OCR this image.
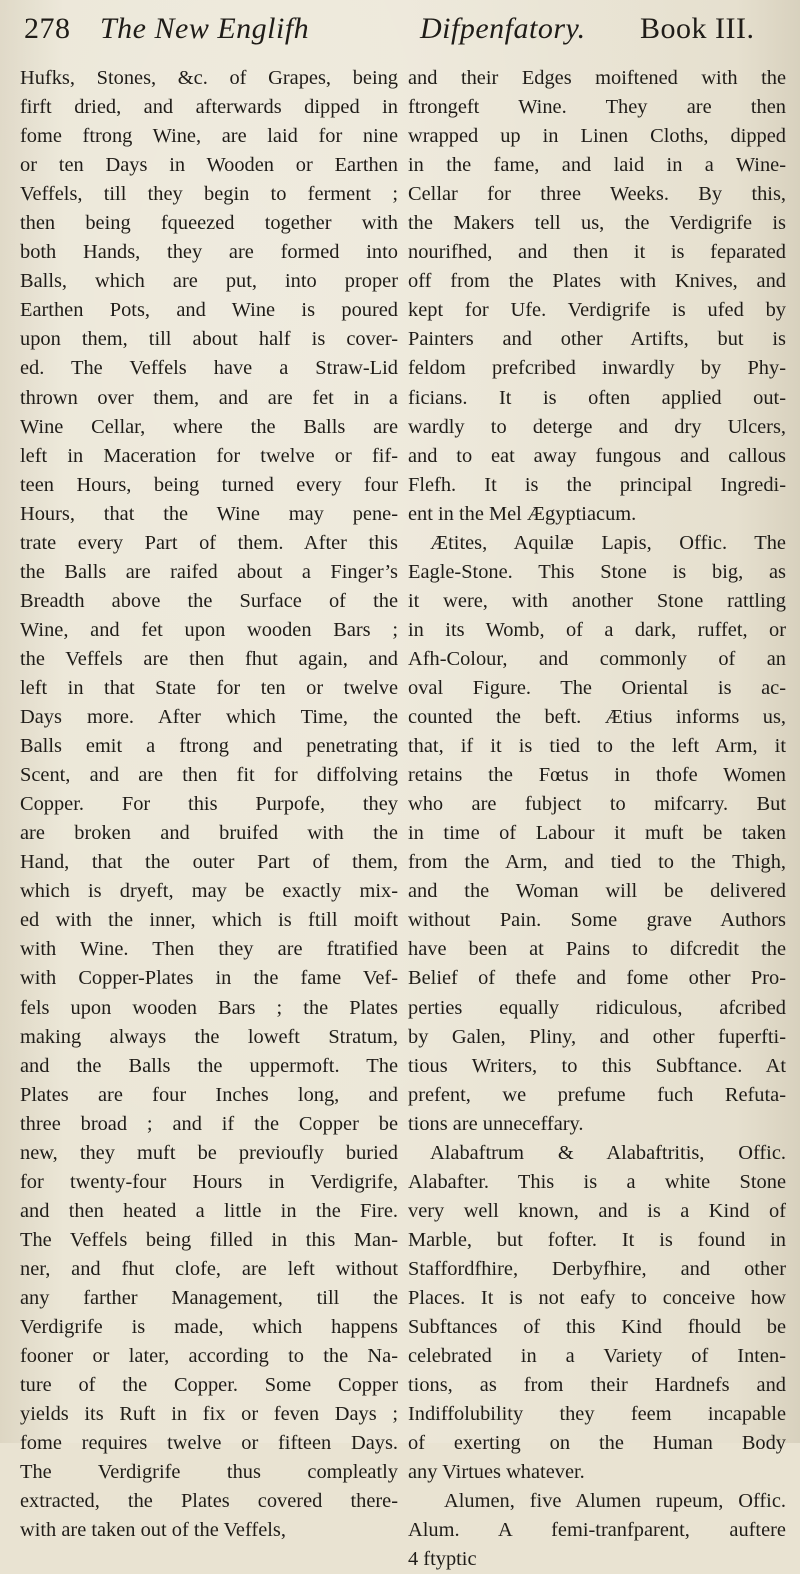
278 The New Englifh	Difpenfatory. Book III.
Hufks, Stones, &c. of Grapes, being
firft dried, and afterwards dipped in
fome ftrong Wine, are laid for nine
or ten Days in Wooden or Earthen
Veffels, till they begin to ferment ;
then being fqueezed together with
both Hands, they are formed into
Balls, which are put, into proper
Earthen Pots, and Wine is poured
upon them, till about half is cover-
ed. The Veffels have a Straw-Lid
thrown over them, and are fet in a
Wine Cellar, where the Balls are
left in Maceration for twelve or fif-
teen Hours, being turned every four
Hours, that the Wine may pene-
trate every Part of them. After this
the Balls are raifed about a Finger’s
Breadth above the Surface of the
Wine, and fet upon wooden Bars ;
the Veffels are then fhut again, and
left in that State for ten or twelve
Days more. After which Time, the
Balls emit a ftrong and penetrating
Scent, and are then fit for diffolving
Copper. For this Purpofe, they
are broken and bruifed with the
Hand, that the outer Part of them,
which is dryeft, may be exactly mix-
ed with the inner, which is ftill moift
with Wine. Then they are ftratified
with Copper-Plates in the fame Vef-
fels upon wooden Bars ; the Plates
making always the loweft Stratum,
and the Balls the uppermoft. The
Plates are four Inches long, and
three broad ; and if the Copper be
new, they muft be previoufly buried
for twenty-four Hours in Verdigrife,
and then heated a little in the Fire.
The Veffels being filled in this Man-
ner, and fhut clofe, are left without
any farther Management, till the
Verdigrife is made, which happens
fooner or later, according to the Na-
ture of the Copper. Some Copper
yields its Ruft in fix or feven Days ;
fome requires twelve or fifteen Days.
The Verdigrife thus compleatly
extracted, the Plates covered there-
with are taken out of the Veffels,
and their Edges moiftened with the
ftrongeft Wine. They are then
wrapped up in Linen Cloths, dipped
in the fame, and laid in a Wine-
Cellar for three Weeks. By this,
the Makers tell us, the Verdigrife is
nourifhed, and then it is feparated
off from the Plates with Knives, and
kept for Ufe. Verdigrife is ufed by
Painters and other Artifts, but is
feldom prefcribed inwardly by Phy-
ficians. It is often applied out-
wardly to deterge and dry Ulcers,
and to eat away fungous and callous
Flefh. It is the principal Ingredi-
ent in the Mel Ægyptiacum.
Ætites, Aquilæ Lapis, Offic. The
Eagle-Stone. This Stone is big, as
it were, with another Stone rattling
in its Womb, of a dark, ruffet, or
Afh-Colour, and commonly of an
oval Figure. The Oriental is ac-
counted the beft. Ætius informs us,
that, if it is tied to the left Arm, it
retains the Fœtus in thofe Women
who are fubject to mifcarry. But
in time of Labour it muft be taken
from the Arm, and tied to the Thigh,
and the Woman will be delivered
without Pain. Some grave Authors
have been at Pains to difcredit the
Belief of thefe and fome other Pro-
perties equally ridiculous, afcribed
by Galen, Pliny, and other fuperfti-
tious Writers, to this Subftance. At
prefent, we prefume fuch Refuta-
tions are unneceffary.
Alabaftrum & Alabaftritis, Offic.
Alabafter. This is a white Stone
very well known, and is a Kind of
Marble, but fofter. It is found in
Staffordfhire, Derbyfhire, and other
Places. It is not eafy to conceive how
Subftances of this Kind fhould be
celebrated in a Variety of Inten-
tions, as from their Hardnefs and
Indiffolubility they feem incapable
of exerting on the Human Body
any Virtues whatever.
Alumen, five Alumen rupeum, Offic.
Alum. A femi-tranfparent, auftere
4 ftyptic
